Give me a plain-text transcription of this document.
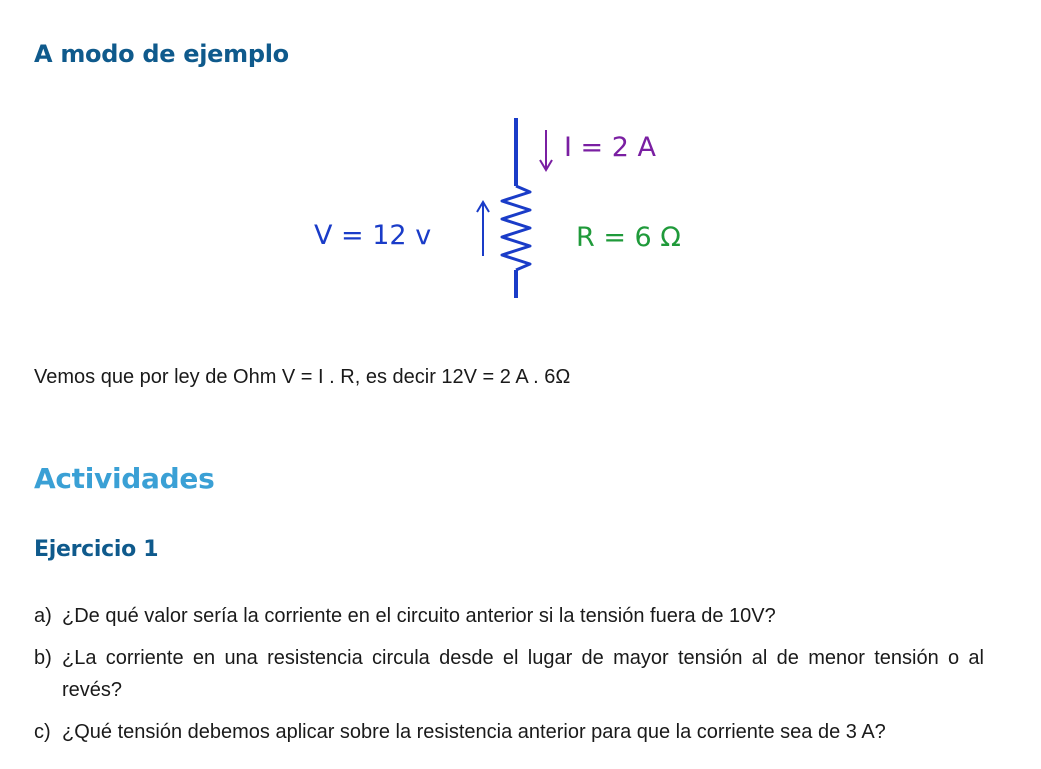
A modo de ejemplo
I = 2 A
V = 12 v	R = 6 Ω
Vemos que por ley de Ohm V = I . R, es decir 12V = 2 A . 6Ω
Actividades
Ejercicio 1
a) ¿De qué valor sería la corriente en el circuito anterior si la tensión fuera de 10V?
b) ¿La corriente en una resistencia circula desde el lugar de mayor tensión al de menor tensión o al revés?
c) ¿Qué tensión debemos aplicar sobre la resistencia anterior para que la corriente sea de 3 A?
